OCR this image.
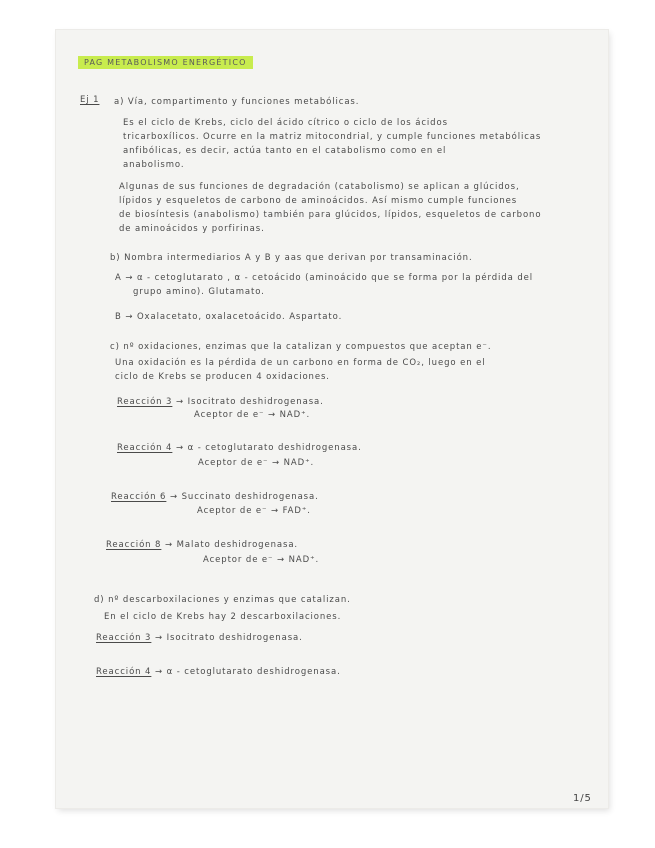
PAG METABOLISMO ENERGÉTICO
Ej 1 a) Vía, compartimento y funciones metabólicas.
Es el ciclo de Krebs, ciclo del ácido cítrico o ciclo de los ácidos
tricarboxílicos. Ocurre en la matriz mitocondrial, y cumple funciones metabólicas
anfibólicas, es decir, actúa tanto en el catabolismo como en el
anabolismo.
Algunas de sus funciones de degradación (catabolismo) se aplican a glúcidos,
lípidos y esqueletos de carbono de aminoácidos. Así mismo cumple funciones
de biosíntesis (anabolismo) también para glúcidos, lípidos, esqueletos de carbono
de aminoácidos y porfirinas.
b) Nombra intermediarios A y B y aas que derivan por transaminación.
A → α - cetoglutarato , α - cetoácido (aminoácido que se forma por la pérdida del
grupo amino). Glutamato.
B → Oxalacetato, oxalacetoácido. Aspartato.
c) nº oxidaciones, enzimas que la catalizan y compuestos que aceptan e⁻.
Una oxidación es la pérdida de un carbono en forma de CO₂, luego en el
ciclo de Krebs se producen 4 oxidaciones.
Reacción 3 → Isocitrato deshidrogenasa.
Aceptor de e⁻ → NAD⁺.
Reacción 4 → α - cetoglutarato deshidrogenasa.
Aceptor de e⁻ → NAD⁺.
Reacción 6 → Succinato deshidrogenasa.
Aceptor de e⁻ → FAD⁺.
Reacción 8 → Malato deshidrogenasa.
Aceptor de e⁻ → NAD⁺.
d) nº descarboxilaciones y enzimas que catalizan.
En el ciclo de Krebs hay 2 descarboxilaciones.
Reacción 3 → Isocitrato deshidrogenasa.
Reacción 4 → α - cetoglutarato deshidrogenasa.
1/5
